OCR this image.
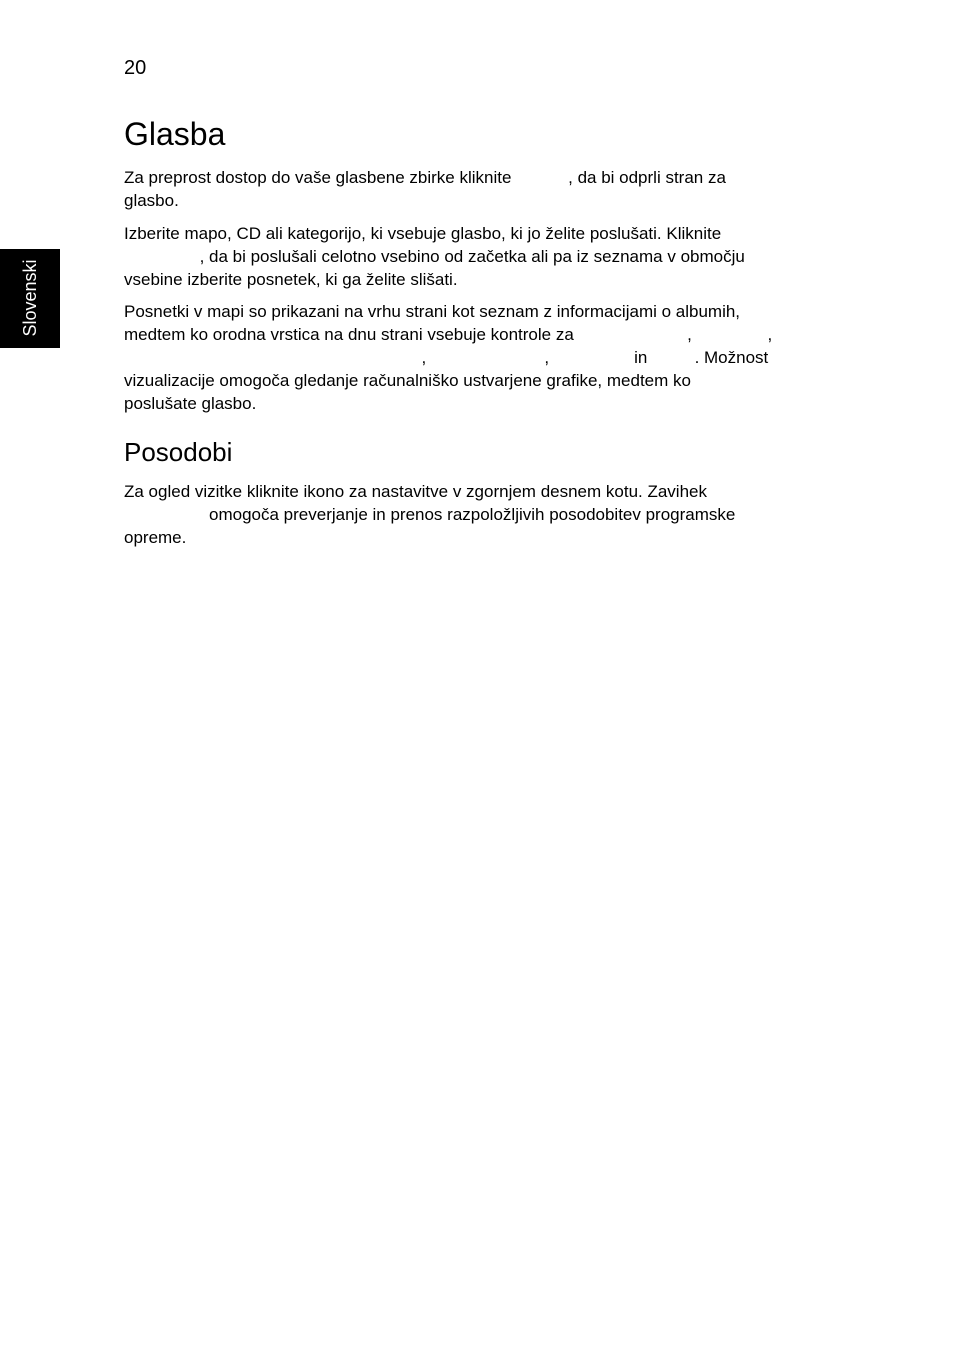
20
Slovenski
Glasba
Za preprost dostop do vaše glasbene zbirke kliknite            , da bi odprli stran za
glasbo.
Izberite mapo, CD ali kategorijo, ki vsebuje glasbo, ki jo želite poslušati. Kliknite
, da bi poslušali celotno vsebino od začetka ali pa iz seznama v območju
vsebine izberite posnetek, ki ga želite slišati.
Posnetki v mapi so prikazani na vrhu strani kot seznam z informacijami o albumih,
medtem ko orodna vrstica na dnu strani vsebuje kontrole za                        ,                ,
,                         ,                  in          . Možnost
vizualizacije omogoča gledanje računalniško ustvarjene grafike, medtem ko
poslušate glasbo.
Posodobi
Za ogled vizitke kliknite ikono za nastavitve v zgornjem desnem kotu. Zavihek
omogoča preverjanje in prenos razpoložljivih posodobitev programske
opreme.
